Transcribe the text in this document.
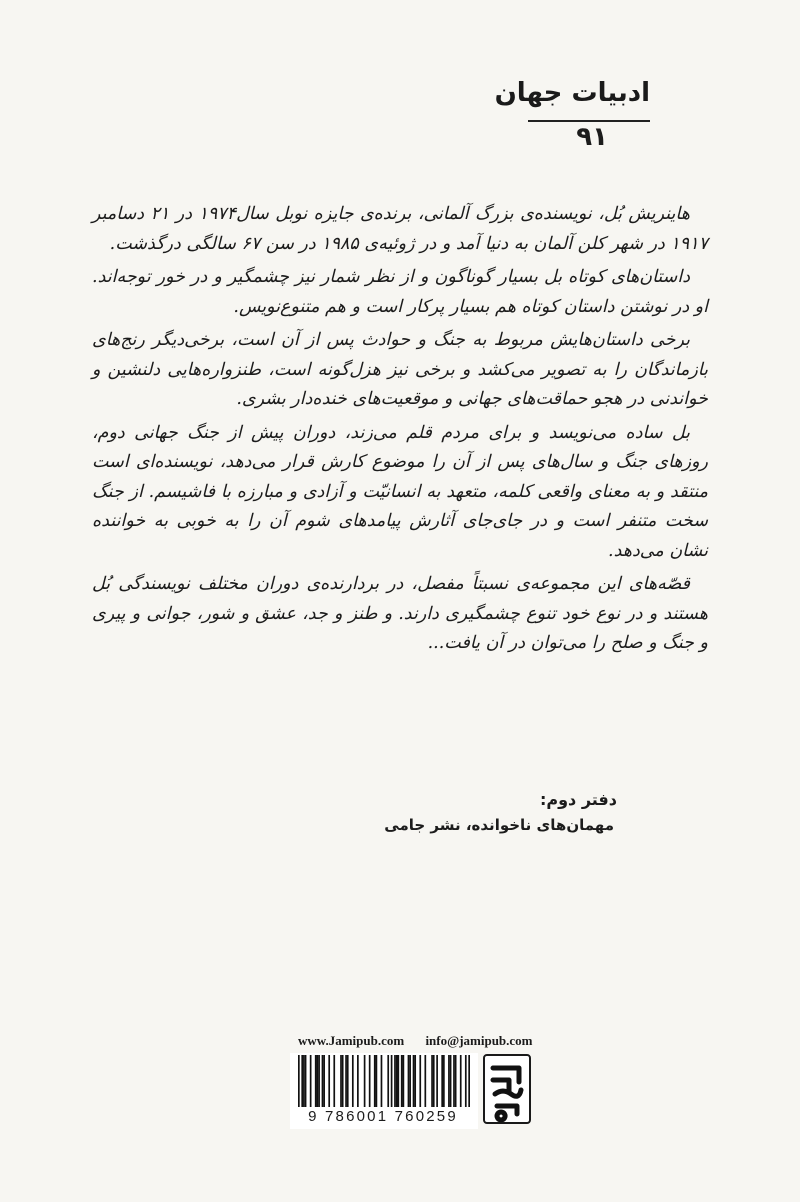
ادبیات جهان
۹۱

هاینریش بُل، نویسنده‌ی بزرگ آلمانی، برنده‌ی جایزه نوبل سال۱۹۷۴ در ۲۱ دسامبر ۱۹۱۷ در شهر کلن آلمان به دنیا آمد و در ژوئیه‌ی ۱۹۸۵ در سن ۶۷ سالگی درگذشت.

داستان‌های کوتاه بل بسیار گوناگون و از نظر شمار نیز چشمگیر و در خور توجه‌اند. او در نوشتن داستان کوتاه هم بسیار پرکار است و هم متنوع‌نویس.

برخی داستان‌هایش مربوط به جنگ و حوادث پس از آن است، برخی‌دیگر رنج‌های بازماندگان را به تصویر می‌کشد و برخی نیز هزل‌گونه است، طنزواره‌هایی دلنشین و خواندنی در هجو حماقت‌های جهانی و موقعیت‌های خنده‌دار بشری.

بل ساده می‌نویسد و برای مردم قلم می‌زند، دوران پیش از جنگ جهانی دوم، روزهای جنگ و سال‌های پس از آن را موضوع کارش قرار می‌دهد، نویسنده‌ای است منتقد و به معنای واقعی کلمه، متعهد به انسانیّت و آزادی و مبارزه با فاشیسم. از جنگ سخت متنفر است و در جای‌جای آثارش پیامدهای شوم آن را به خوبی به خواننده نشان می‌دهد.

قصّه‌های این مجموعه‌ی نسبتاً مفصل، در بردارنده‌ی دوران مختلف نویسندگی بُل هستند و در نوع خود تنوع چشمگیری دارند. و طنز و جد، عشق و شور، جوانی و پیری و جنگ و صلح را می‌توان در آن یافت...

دفتر دوم:
مهمان‌های ناخوانده، نشر جامی
www.Jamipub.com info@jamipub.com
9 786001 760259
